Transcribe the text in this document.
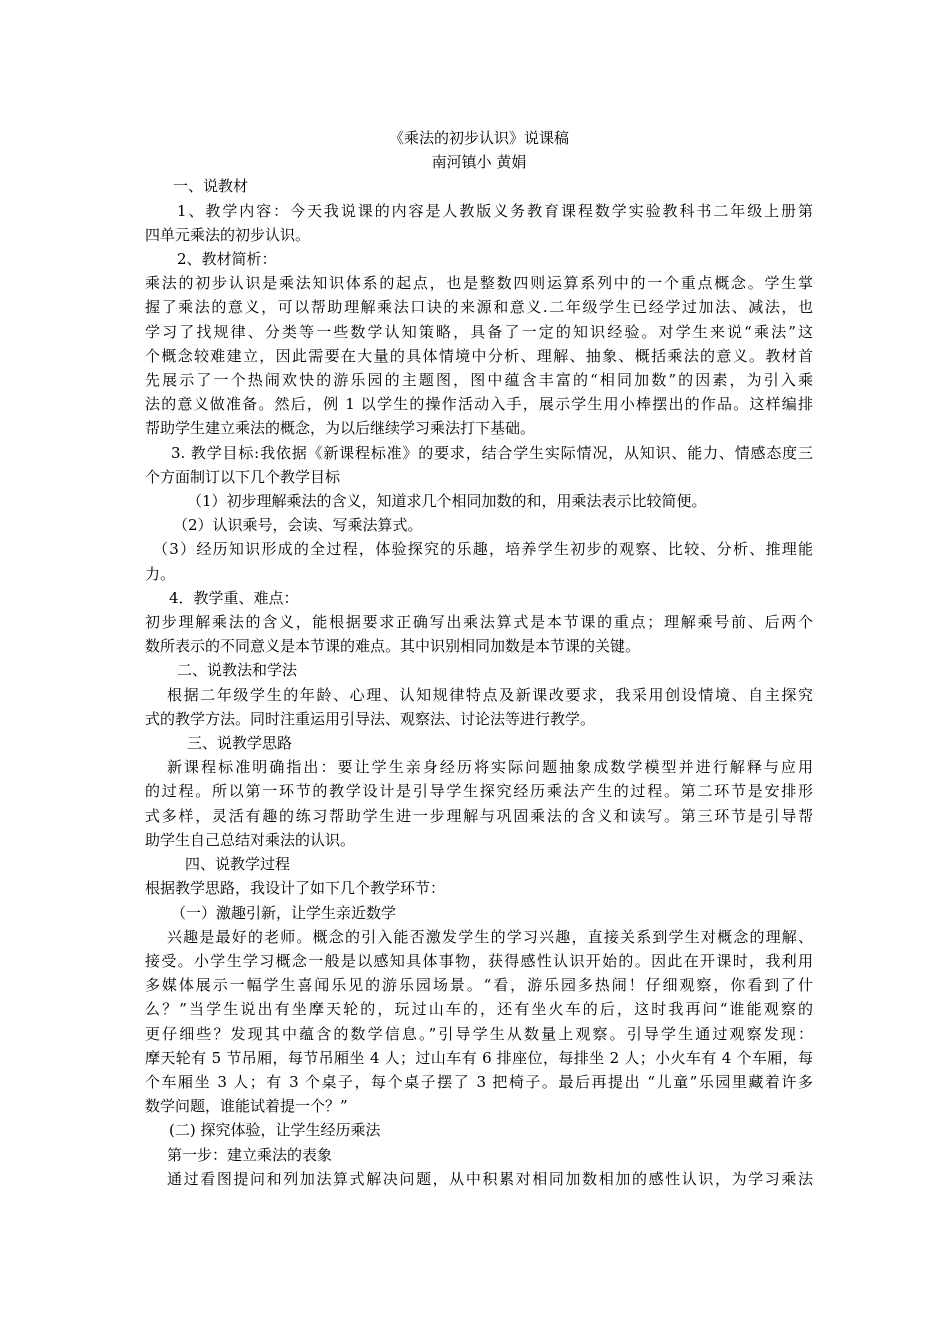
《乘法的初步认识》说课稿
南河镇小 黄娟
一、说教材
1、教学内容：今天我说课的内容是人教版义务教育课程数学实验教科书二年级上册第
四单元乘法的初步认识。
2、教材简析：
乘法的初步认识是乘法知识体系的起点，也是整数四则运算系列中的一个重点概念。学生掌
握了乘法的意义，可以帮助理解乘法口诀的来源和意义.二年级学生已经学过加法、减法，也
学习了找规律、分类等一些数学认知策略，具备了一定的知识经验。对学生来说“乘法”这
个概念较难建立，因此需要在大量的具体情境中分析、理解、抽象、概括乘法的意义。教材首
先展示了一个热闹欢快的游乐园的主题图，图中蕴含丰富的“相同加数”的因素，为引入乘
法的意义做准备。然后，例 1 以学生的操作活动入手，展示学生用小棒摆出的作品。这样编排
帮助学生建立乘法的概念，为以后继续学习乘法打下基础。
3. 教学目标:我依据《新课程标准》的要求，结合学生实际情况，从知识、能力、情感态度三
个方面制订以下几个教学目标
（1）初步理解乘法的含义，知道求几个相同加数的和，用乘法表示比较简便。
（2）认识乘号，会读、写乘法算式。
（3）经历知识形成的全过程，体验探究的乐趣，培养学生初步的观察、比较、分析、推理能
力。
4．教学重、难点：
初步理解乘法的含义，能根据要求正确写出乘法算式是本节课的重点；理解乘号前、后两个
数所表示的不同意义是本节课的难点。其中识别相同加数是本节课的关键。
二、说教法和学法
根据二年级学生的年龄、心理、认知规律特点及新课改要求，我采用创设情境、自主探究
式的教学方法。同时注重运用引导法、观察法、讨论法等进行教学。
三、说教学思路
新课程标准明确指出：要让学生亲身经历将实际问题抽象成数学模型并进行解释与应用
的过程。所以第一环节的教学设计是引导学生探究经历乘法产生的过程。第二环节是安排形
式多样，灵活有趣的练习帮助学生进一步理解与巩固乘法的含义和读写。第三环节是引导帮
助学生自己总结对乘法的认识。
四、说教学过程
根据教学思路，我设计了如下几个教学环节：
（一）激趣引新，让学生亲近数学
兴趣是最好的老师。概念的引入能否激发学生的学习兴趣，直接关系到学生对概念的理解、
接受。小学生学习概念一般是以感知具体事物，获得感性认识开始的。因此在开课时，我利用
多媒体展示一幅学生喜闻乐见的游乐园场景。“看，游乐园多热闹！仔细观察，你看到了什
么？”当学生说出有坐摩天轮的，玩过山车的，还有坐火车的后，这时我再问“谁能观察的
更仔细些？发现其中蕴含的数学信息。”引导学生从数量上观察。引导学生通过观察发现：
摩天轮有 5 节吊厢，每节吊厢坐 4 人；过山车有 6 排座位，每排坐 2 人；小火车有 4 个车厢，每
个车厢坐 3 人；有 3 个桌子，每个桌子摆了 3 把椅子。最后再提出 “儿童”乐园里藏着许多
数学问题，谁能试着提一个？”
(二) 探究体验，让学生经历乘法
第一步：建立乘法的表象
通过看图提问和列加法算式解决问题，从中积累对相同加数相加的感性认识，为学习乘法
